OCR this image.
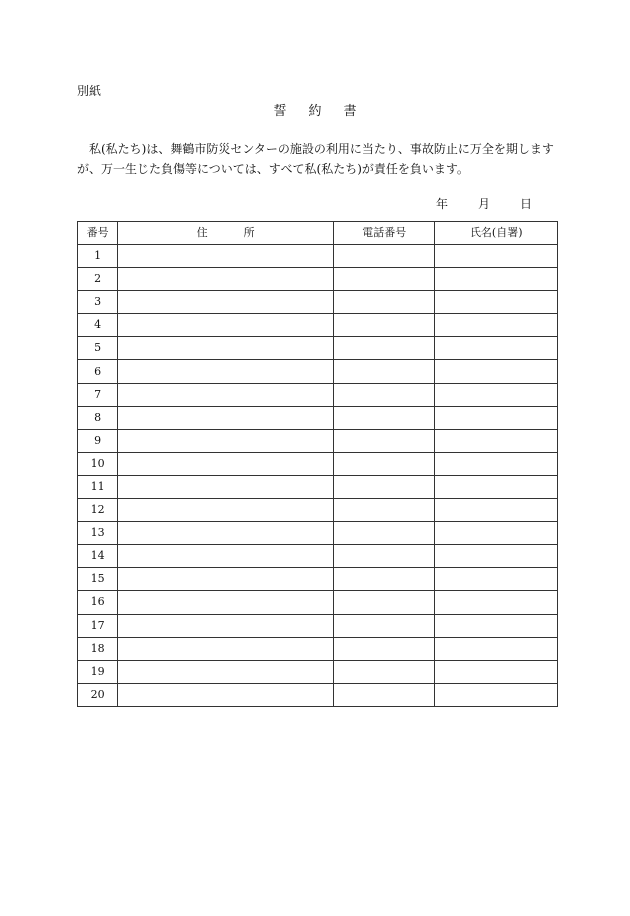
別紙
誓 約 書

私(私たち)は、舞鶴市防災センターの施設の利用に当たり、事故防止に万全を期します
が、万一生じた負傷等については、すべて私(私たち)が責任を負います。

年	月	日
番号	住 所	電話番号	氏名(自署)
1			
2			
3			
4			
5			
6			
7			
8			
9			
10			
11			
12			
13			
14			
15			
16			
17			
18			
19			
20			
